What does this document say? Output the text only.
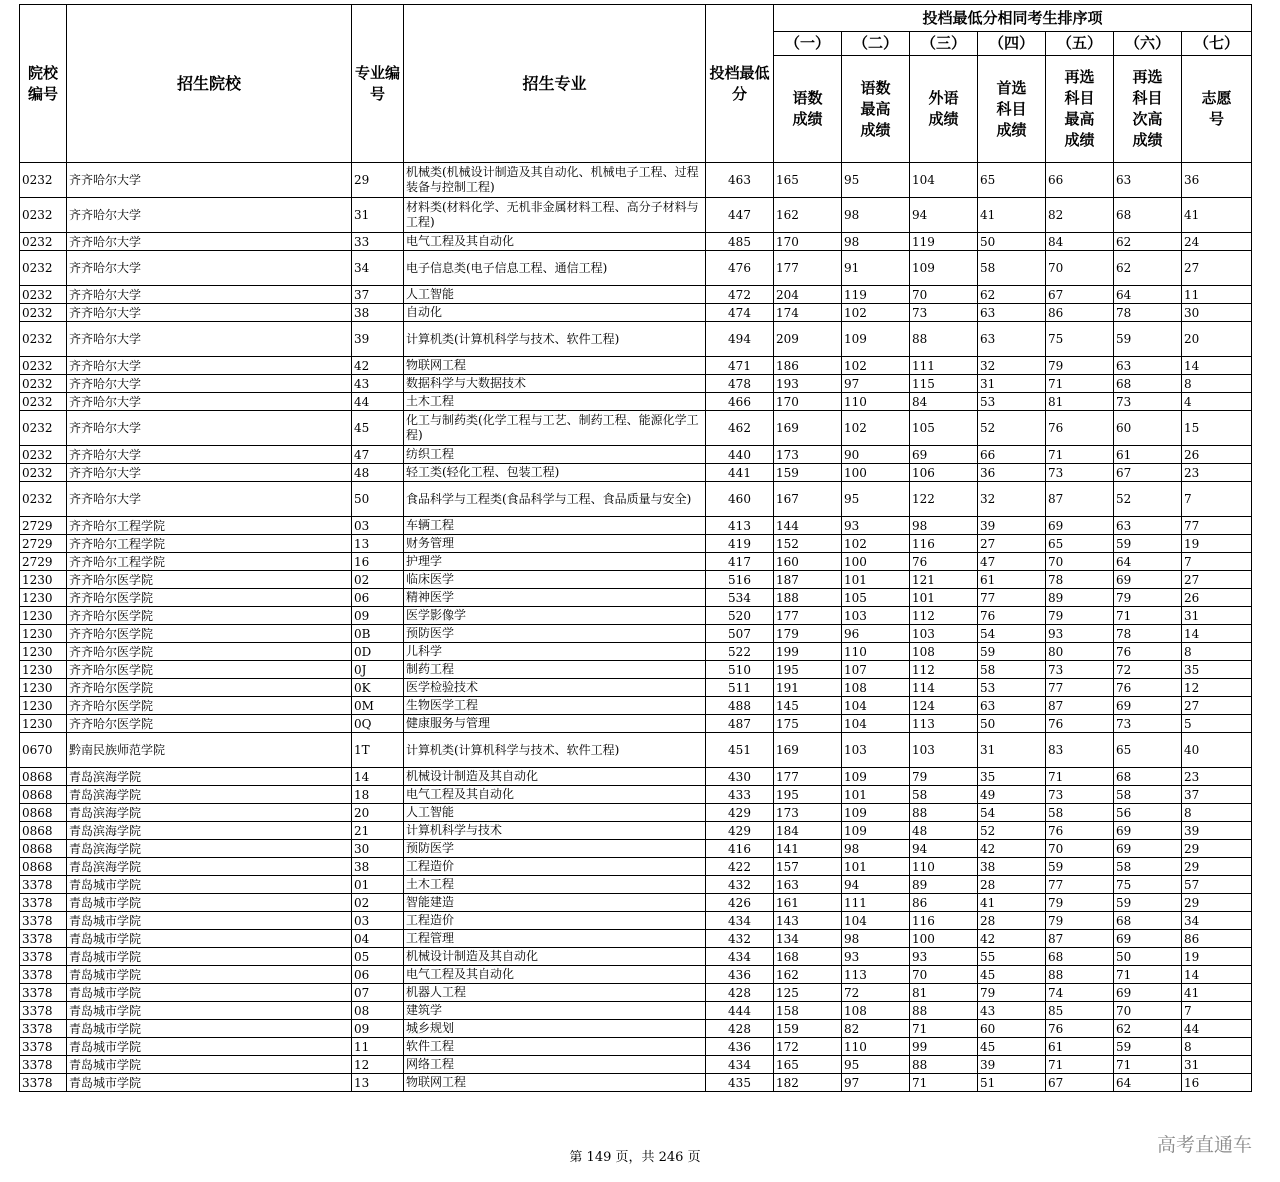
院校编号	招生院校	专业编号	招生专业	投档最低分	投档最低分相同考生排序项						
					（一）	（二）	（三）	（四）	（五）	（六）	（七）
					语数成绩	语数最高成绩	外语成绩	首选科目成绩	再选科目最高成绩	再选科目次高成绩	志愿号
0232	齐齐哈尔大学	29	机械类(机械设计制造及其自动化、机械电子工程、过程装备与控制工程)	463	165	95	104	65	66	63	36
0232	齐齐哈尔大学	31	材料类(材料化学、无机非金属材料工程、高分子材料与工程)	447	162	98	94	41	82	68	41
0232	齐齐哈尔大学	33	电气工程及其自动化	485	170	98	119	50	84	62	24
0232	齐齐哈尔大学	34	电子信息类(电子信息工程、通信工程)	476	177	91	109	58	70	62	27
0232	齐齐哈尔大学	37	人工智能	472	204	119	70	62	67	64	11
0232	齐齐哈尔大学	38	自动化	474	174	102	73	63	86	78	30
0232	齐齐哈尔大学	39	计算机类(计算机科学与技术、软件工程)	494	209	109	88	63	75	59	20
0232	齐齐哈尔大学	42	物联网工程	471	186	102	111	32	79	63	14
0232	齐齐哈尔大学	43	数据科学与大数据技术	478	193	97	115	31	71	68	8
0232	齐齐哈尔大学	44	土木工程	466	170	110	84	53	81	73	4
0232	齐齐哈尔大学	45	化工与制药类(化学工程与工艺、制药工程、能源化学工程)	462	169	102	105	52	76	60	15
0232	齐齐哈尔大学	47	纺织工程	440	173	90	69	66	71	61	26
0232	齐齐哈尔大学	48	轻工类(轻化工程、包装工程)	441	159	100	106	36	73	67	23
0232	齐齐哈尔大学	50	食品科学与工程类(食品科学与工程、食品质量与安全)	460	167	95	122	32	87	52	7
2729	齐齐哈尔工程学院	03	车辆工程	413	144	93	98	39	69	63	77
2729	齐齐哈尔工程学院	13	财务管理	419	152	102	116	27	65	59	19
2729	齐齐哈尔工程学院	16	护理学	417	160	100	76	47	70	64	7
1230	齐齐哈尔医学院	02	临床医学	516	187	101	121	61	78	69	27
1230	齐齐哈尔医学院	06	精神医学	534	188	105	101	77	89	79	26
1230	齐齐哈尔医学院	09	医学影像学	520	177	103	112	76	79	71	31
1230	齐齐哈尔医学院	0B	预防医学	507	179	96	103	54	93	78	14
1230	齐齐哈尔医学院	0D	儿科学	522	199	110	108	59	80	76	8
1230	齐齐哈尔医学院	0J	制药工程	510	195	107	112	58	73	72	35
1230	齐齐哈尔医学院	0K	医学检验技术	511	191	108	114	53	77	76	12
1230	齐齐哈尔医学院	0M	生物医学工程	488	145	104	124	63	87	69	27
1230	齐齐哈尔医学院	0Q	健康服务与管理	487	175	104	113	50	76	73	5
0670	黔南民族师范学院	1T	计算机类(计算机科学与技术、软件工程)	451	169	103	103	31	83	65	40
0868	青岛滨海学院	14	机械设计制造及其自动化	430	177	109	79	35	71	68	23
0868	青岛滨海学院	18	电气工程及其自动化	433	195	101	58	49	73	58	37
0868	青岛滨海学院	20	人工智能	429	173	109	88	54	58	56	8
0868	青岛滨海学院	21	计算机科学与技术	429	184	109	48	52	76	69	39
0868	青岛滨海学院	30	预防医学	416	141	98	94	42	70	69	29
0868	青岛滨海学院	38	工程造价	422	157	101	110	38	59	58	29
3378	青岛城市学院	01	土木工程	432	163	94	89	28	77	75	57
3378	青岛城市学院	02	智能建造	426	161	111	86	41	79	59	29
3378	青岛城市学院	03	工程造价	434	143	104	116	28	79	68	34
3378	青岛城市学院	04	工程管理	432	134	98	100	42	87	69	86
3378	青岛城市学院	05	机械设计制造及其自动化	434	168	93	93	55	68	50	19
3378	青岛城市学院	06	电气工程及其自动化	436	162	113	70	45	88	71	14
3378	青岛城市学院	07	机器人工程	428	125	72	81	79	74	69	41
3378	青岛城市学院	08	建筑学	444	158	108	88	43	85	70	7
3378	青岛城市学院	09	城乡规划	428	159	82	71	60	76	62	44
3378	青岛城市学院	11	软件工程	436	172	110	99	45	61	59	8
3378	青岛城市学院	12	网络工程	434	165	95	88	39	71	71	31
3378	青岛城市学院	13	物联网工程	435	182	97	71	51	67	64	16
第 149 页，共 246 页
高考直通车
